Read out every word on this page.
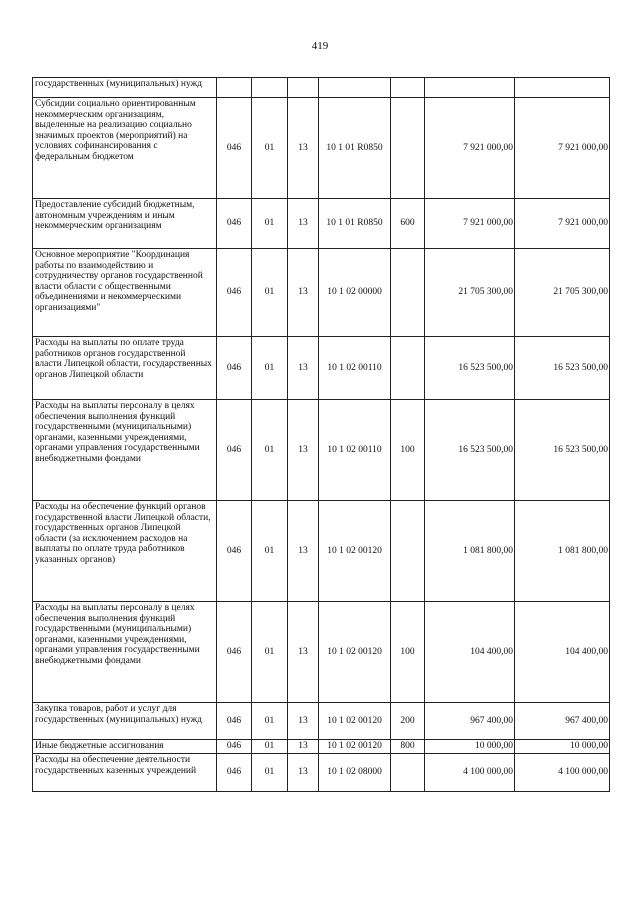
419
государственных (муниципальных) нужд							
Субсидии социально ориентированным некоммерческим организациям, выделенные на реализацию социально значимых проектов (мероприятий) на условиях софинансирования с федеральным бюджетом	046	01	13	10 1 01 R0850		7 921 000,00	7 921 000,00
Предоставление субсидий бюджетным, автономным учреждениям и иным некоммерческим организациям	046	01	13	10 1 01 R0850	600	7 921 000,00	7 921 000,00
Основное мероприятие "Координация работы по взаимодействию и сотрудничеству органов государственной власти области с общественными объединениями и некоммерческими организациями"	046	01	13	10 1 02 00000		21 705 300,00	21 705 300,00
Расходы на выплаты по оплате труда работников органов государственной власти Липецкой области, государственных органов Липецкой области	046	01	13	10 1 02 00110		16 523 500,00	16 523 500,00
Расходы на выплаты персоналу в целях обеспечения выполнения функций государственными (муниципальными) органами, казенными учреждениями, органами управления государственными внебюджетными фондами	046	01	13	10 1 02 00110	100	16 523 500,00	16 523 500,00
Расходы на обеспечение функций органов государственной власти Липецкой области, государственных органов Липецкой области (за исключением расходов на выплаты по оплате труда работников указанных органов)	046	01	13	10 1 02 00120		1 081 800,00	1 081 800,00
Расходы на выплаты персоналу в целях обеспечения выполнения функций государственными (муниципальными) органами, казенными учреждениями, органами управления государственными внебюджетными фондами	046	01	13	10 1 02 00120	100	104 400,00	104 400,00
Закупка товаров, работ и услуг для государственных (муниципальных) нужд	046	01	13	10 1 02 00120	200	967 400,00	967 400,00
Иные бюджетные ассигнования	046	01	13	10 1 02 00120	800	10 000,00	10 000,00
Расходы на обеспечение деятельности государственных казенных учреждений	046	01	13	10 1 02 08000		4 100 000,00	4 100 000,00
